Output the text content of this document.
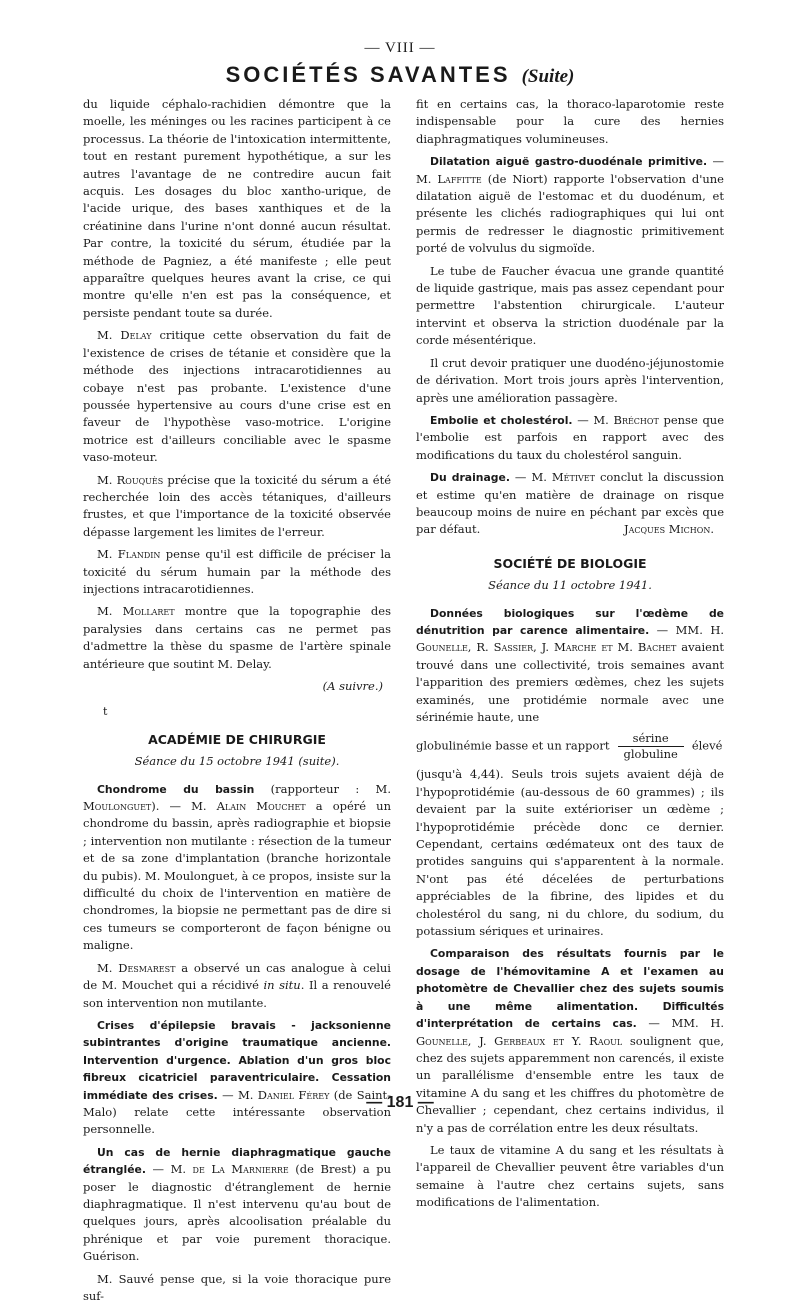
— VIII —
SOCIÉTÉS SAVANTES (Suite)

du liquide céphalo-rachidien démontre que la moelle, les méninges ou les racines participent à ce processus. La théorie de l'intoxication intermittente, tout en restant purement hypothétique, a sur les autres l'avantage de ne contredire aucun fait acquis. Les dosages du bloc xantho-urique, de l'acide urique, des bases xanthiques et de la créatinine dans l'urine n'ont donné aucun résultat. Par contre, la toxicité du sérum, étudiée par la méthode de Pagniez, a été manifeste ; elle peut apparaître quelques heures avant la crise, ce qui montre qu'elle n'en est pas la conséquence, et persiste pendant toute sa durée.

M. Delay critique cette observation du fait de l'existence de crises de tétanie et considère que la méthode des injections intracarotidiennes au cobaye n'est pas probante. L'existence d'une poussée hypertensive au cours d'une crise est en faveur de l'hypothèse vaso-motrice. L'origine motrice est d'ailleurs conciliable avec le spasme vaso-moteur.

M. Rouquès précise que la toxicité du sérum a été recherchée loin des accès tétaniques, d'ailleurs frustes, et que l'importance de la toxicité observée dépasse largement les limites de l'erreur.

M. Flandin pense qu'il est difficile de préciser la toxicité du sérum humain par la méthode des injections intracarotidiennes.

M. Mollaret montre que la topographie des paralysies dans certains cas ne permet pas d'admettre la thèse du spasme de l'artère spinale antérieure que soutint M. Delay.

(A suivre.)
t
ACADÉMIE DE CHIRURGIE
Séance du 15 octobre 1941 (suite).

Chondrome du bassin (rapporteur : M. Moulonguet). — M. Alain Mouchet a opéré un chondrome du bassin, après radiographie et biopsie ; intervention non mutilante : résection de la tumeur et de sa zone d'implantation (branche horizontale du pubis). M. Moulonguet, à ce propos, insiste sur la difficulté du choix de l'intervention en matière de chondromes, la biopsie ne permettant pas de dire si ces tumeurs se comporteront de façon bénigne ou maligne.

M. Desmarest a observé un cas analogue à celui de M. Mouchet qui a récidivé in situ. Il a renouvelé son intervention non mutilante.

Crises d'épilepsie bravais - jacksonienne subintrantes d'origine traumatique ancienne. Intervention d'urgence. Ablation d'un gros bloc fibreux cicatriciel paraventriculaire. Cessation immédiate des crises. — M. Daniel Férey (de Saint-Malo) relate cette intéressante observation personnelle.

Un cas de hernie diaphragmatique gauche étranglée. — M. de La Marnierre (de Brest) a pu poser le diagnostic d'étranglement de hernie diaphragmatique. Il n'est intervenu qu'au bout de quelques jours, après alcoolisation préalable du phrénique et par voie purement thoracique. Guérison.

M. Sauvé pense que, si la voie thoracique pure suf-

fit en certains cas, la thoraco-laparotomie reste indispensable pour la cure des hernies diaphragmatiques volumineuses.

Dilatation aiguë gastro-duodénale primitive. — M. Laffitte (de Niort) rapporte l'observation d'une dilatation aiguë de l'estomac et du duodénum, et présente les clichés radiographiques qui lui ont permis de redresser le diagnostic primitivement porté de volvulus du sigmoïde.

Le tube de Faucher évacua une grande quantité de liquide gastrique, mais pas assez cependant pour permettre l'abstention chirurgicale. L'auteur intervint et observa la striction duodénale par la corde mésentérique.

Il crut devoir pratiquer une duodéno-jéjunostomie de dérivation. Mort trois jours après l'intervention, après une amélioration passagère.

Embolie et cholestérol. — M. Bréchot pense que l'embolie est parfois en rapport avec des modifications du taux du cholestérol sanguin.

Du drainage. — M. Métivet conclut la discussion et estime qu'en matière de drainage on risque beaucoup moins de nuire en péchant par excès que par défaut.	Jacques Michon.

SOCIÉTÉ DE BIOLOGIE
Séance du 11 octobre 1941.

Données biologiques sur l'œdème de dénutrition par carence alimentaire. — MM. H. Gounelle, R. Sassier, J. Marche et M. Bachet avaient trouvé dans une collectivité, trois semaines avant l'apparition des premiers œdèmes, chez les sujets examinés, une protidémie normale avec une sérinémie haute, une

globulinémie basse et un rapport $\frac{\text{sérine}}{\text{globuline}}$ élevé

(jusqu'à 4,44). Seuls trois sujets avaient déjà de l'hypoprotidémie (au-dessous de 60 grammes) ; ils devaient par la suite extérioriser un œdème ; l'hypoprotidémie précède donc ce dernier. Cependant, certains œdémateux ont des taux de protides sanguins qui s'apparentent à la normale. N'ont pas été décelées de perturbations appréciables de la fibrine, des lipides et du cholestérol du sang, ni du chlore, du sodium, du potassium sériques et urinaires.

Comparaison des résultats fournis par le dosage de l'hémovitamine A et l'examen au photomètre de Chevallier chez des sujets soumis à une même alimentation. Difficultés d'interprétation de certains cas. — MM. H. Gounelle, J. Gerbeaux et Y. Raoul soulignent que, chez des sujets apparemment non carencés, il existe un parallélisme d'ensemble entre les taux de vitamine A du sang et les chiffres du photomètre de Chevallier ; cependant, chez certains individus, il n'y a pas de corrélation entre les deux résultats.

Le taux de vitamine A du sang et les résultats à l'appareil de Chevallier peuvent être variables d'un semaine à l'autre chez certains sujets, sans modifications de l'alimentation.

— 181 —
